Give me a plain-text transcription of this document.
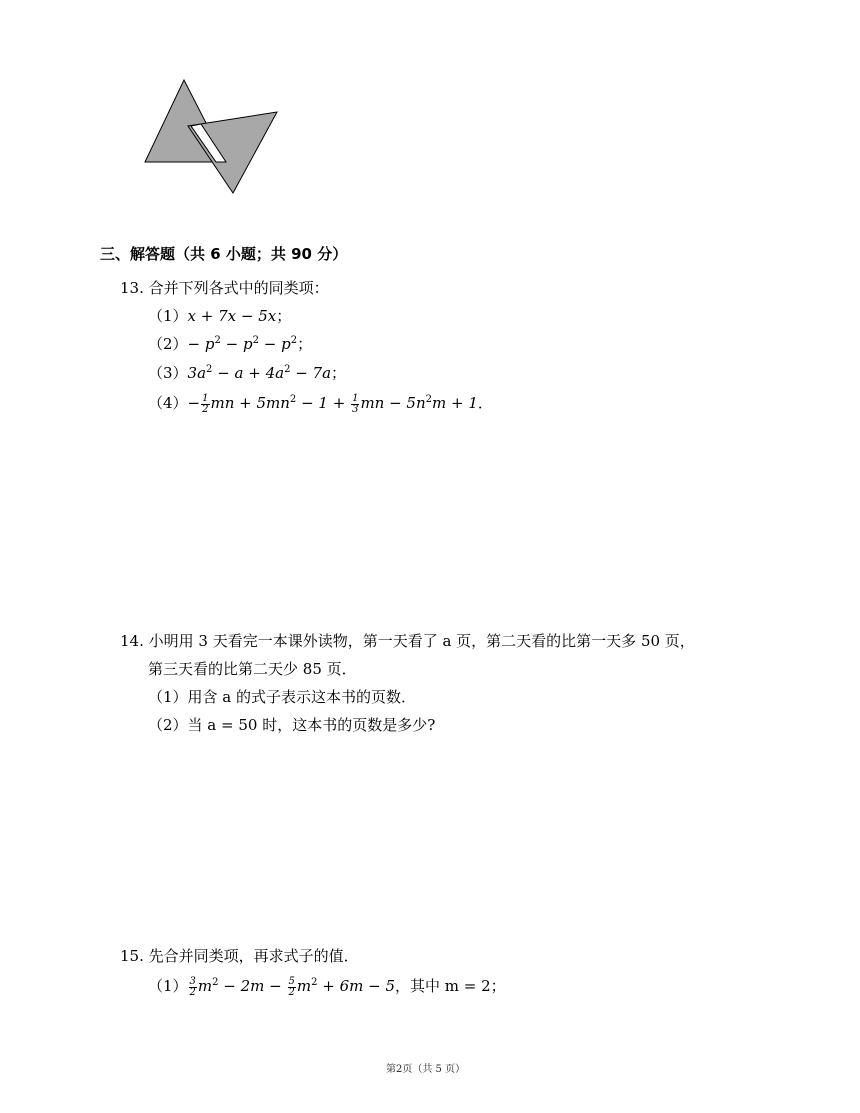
三、解答题（共 6 小题；共 90 分）
13. 合并下列各式中的同类项：
（1）x + 7x − 5x；
$(2)- p^2 - p^2 - p^2$；
$(3)3a^2 - a + 4a^2 - 7a$；
$(4)- \frac{1}{2}$ mn + $5mn^2 - 1 + \frac{1}{3}$ mn − $5n^2m + 1$．
14. 小明用 3 天看完一本课外读物，第一天看了 a 页，第二天看的比第一天多 50 页，
第三天看的比第二天少 85 页．
（1）用含 a 的式子表示这本书的页数．
（2）当 a = 50 时，这本书的页数是多少?
15. 先合并同类项，再求式子的值．
$(1) \frac{3}{2} m^2 - 2m - \frac{5}{2} m^2 + 6m - 5$，其中 m = 2；
第2页（共 5 页）
